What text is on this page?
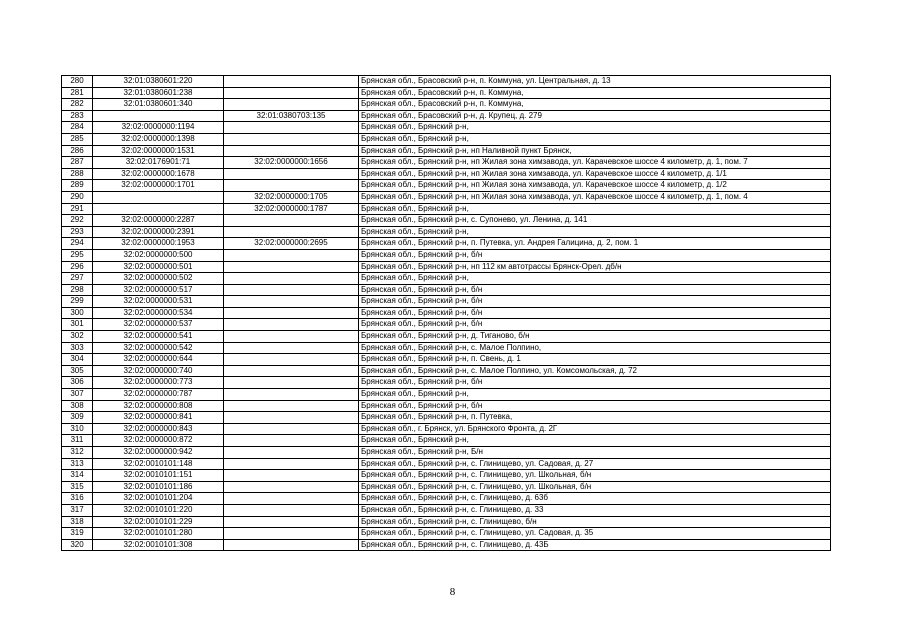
280	32:01:0380601:220		Брянская обл., Брасовский р-н, п. Коммуна, ул. Центральная, д. 13
281	32:01:0380601:238		Брянская обл., Брасовский р-н, п. Коммуна,
282	32:01:0380601:340		Брянская обл., Брасовский р-н, п. Коммуна,
283		32:01:0380703:135	Брянская обл., Брасовский р-н, д. Крупец, д. 279
284	32:02:0000000:1194		Брянская обл., Брянский р-н,
285	32:02:0000000:1398		Брянская обл., Брянский р-н,
286	32:02:0000000:1531		Брянская обл., Брянский р-н, нп Наливной пункт Брянск,
287	32:02:0176901:71	32:02:0000000:1656	Брянская обл., Брянский р-н, нп Жилая зона химзавода, ул. Карачевское шоссе 4 километр, д. 1, пом. 7
288	32:02:0000000:1678		Брянская обл., Брянский р-н, нп Жилая зона химзавода, ул. Карачевское шоссе 4 километр, д. 1/1
289	32:02:0000000:1701		Брянская обл., Брянский р-н, нп Жилая зона химзавода, ул. Карачевское шоссе 4 километр, д. 1/2
290		32:02:0000000:1705	Брянская обл., Брянский р-н, нп Жилая зона химзавода, ул. Карачевское шоссе 4 километр, д. 1, пом. 4
291		32:02:0000000:1787	Брянская обл., Брянский р-н,
292	32:02:0000000:2287		Брянская обл., Брянский р-н, с. Супонево, ул. Ленина, д. 141
293	32:02:0000000:2391		Брянская обл., Брянский р-н,
294	32:02:0000000:1953	32:02:0000000:2695	Брянская обл., Брянский р-н, п. Путевка, ул. Андрея Галицина, д. 2, пом. 1
295	32:02:0000000:500		Брянская обл., Брянский р-н, б/н
296	32:02:0000000:501		Брянская обл., Брянский р-н, нп 112 км автотрассы Брянск-Орел. дб/н
297	32:02:0000000:502		Брянская обл., Брянский р-н,
298	32:02:0000000:517		Брянская обл., Брянский р-н, б/н
299	32:02:0000000:531		Брянская обл., Брянский р-н, б/н
300	32:02:0000000:534		Брянская обл., Брянский р-н, б/н
301	32:02:0000000:537		Брянская обл., Брянский р-н, б/н
302	32:02:0000000:541		Брянская обл., Брянский р-н, д. Тиганово, б/н
303	32:02:0000000:542		Брянская обл., Брянский р-н, с. Малое Полпино,
304	32:02:0000000:644		Брянская обл., Брянский р-н, п. Свень, д. 1
305	32:02:0000000:740		Брянская обл., Брянский р-н, с. Малое Полпино, ул. Комсомольская, д. 72
306	32:02:0000000:773		Брянская обл., Брянский р-н, б/н
307	32:02:0000000:787		Брянская обл., Брянский р-н,
308	32:02:0000000:808		Брянская обл., Брянский р-н, б/н
309	32:02:0000000:841		Брянская обл., Брянский р-н, п. Путевка,
310	32:02:0000000:843		Брянская обл., г. Брянск, ул. Брянского Фронта, д. 2Г
311	32:02:0000000:872		Брянская обл., Брянский р-н,
312	32:02:0000000:942		Брянская обл., Брянский р-н, Б/н
313	32:02:0010101:148		Брянская обл., Брянский р-н, с. Глинищево, ул. Садовая, д. 27
314	32:02:0010101:151		Брянская обл., Брянский р-н, с. Глинищево, ул. Школьная, б/н
315	32:02:0010101:186		Брянская обл., Брянский р-н, с. Глинищево, ул. Школьная, б/н
316	32:02:0010101:204		Брянская обл., Брянский р-н, с. Глинищево, д. 63б
317	32:02:0010101:220		Брянская обл., Брянский р-н, с. Глинищево, д. 33
318	32:02:0010101:229		Брянская обл., Брянский р-н, с. Глинищево, б/н
319	32:02:0010101:280		Брянская обл., Брянский р-н, с. Глинищево, ул. Садовая, д. 35
320	32:02:0010101:308		Брянская обл., Брянский р-н, с. Глинищево, д. 43Б
8
